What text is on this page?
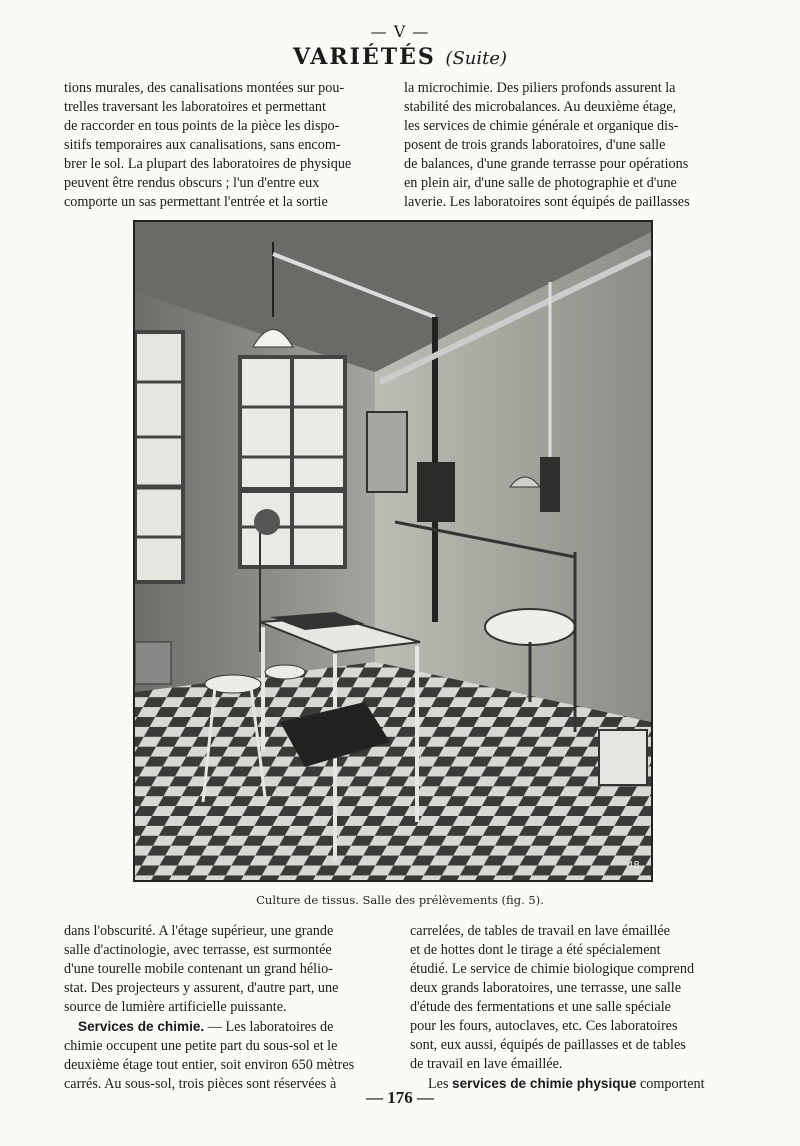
— V —
VARIÉTÉS (Suite)
tions murales, des canalisations montées sur pou-
trelles traversant les laboratoires et permettant
de raccorder en tous points de la pièce les dispo-
sitifs temporaires aux canalisations, sans encom-
brer le sol. La plupart des laboratoires de physique
peuvent être rendus obscurs ; l'un d'entre eux
comporte un sas permettant l'entrée et la sortie
la microchimie. Des piliers profonds assurent la
stabilité des microbalances. Au deuxième étage,
les services de chimie générale et organique dis-
posent de trois grands laboratoires, d'une salle
de balances, d'une grande terrasse pour opérations
en plein air, d'une salle de photographie et d'une
laverie. Les laboratoires sont équipés de paillasses
48
Culture de tissus. Salle des prélèvements (fig. 5).
dans l'obscurité. A l'étage supérieur, une grande
salle d'actinologie, avec terrasse, est surmontée
d'une tourelle mobile contenant un grand hélio-
stat. Des projecteurs y assurent, d'autre part, une
source de lumière artificielle puissante.
Services de chimie. — Les laboratoires de
chimie occupent une petite part du sous-sol et le
deuxième étage tout entier, soit environ 650 mètres
carrés. Au sous-sol, trois pièces sont réservées à
carrelées, de tables de travail en lave émaillée
et de hottes dont le tirage a été spécialement
étudié. Le service de chimie biologique comprend
deux grands laboratoires, une terrasse, une salle
d'étude des fermentations et une salle spéciale
pour les fours, autoclaves, etc. Ces laboratoires
sont, eux aussi, équipés de paillasses et de tables
de travail en lave émaillée.
Les services de chimie physique comportent
— 176 —
